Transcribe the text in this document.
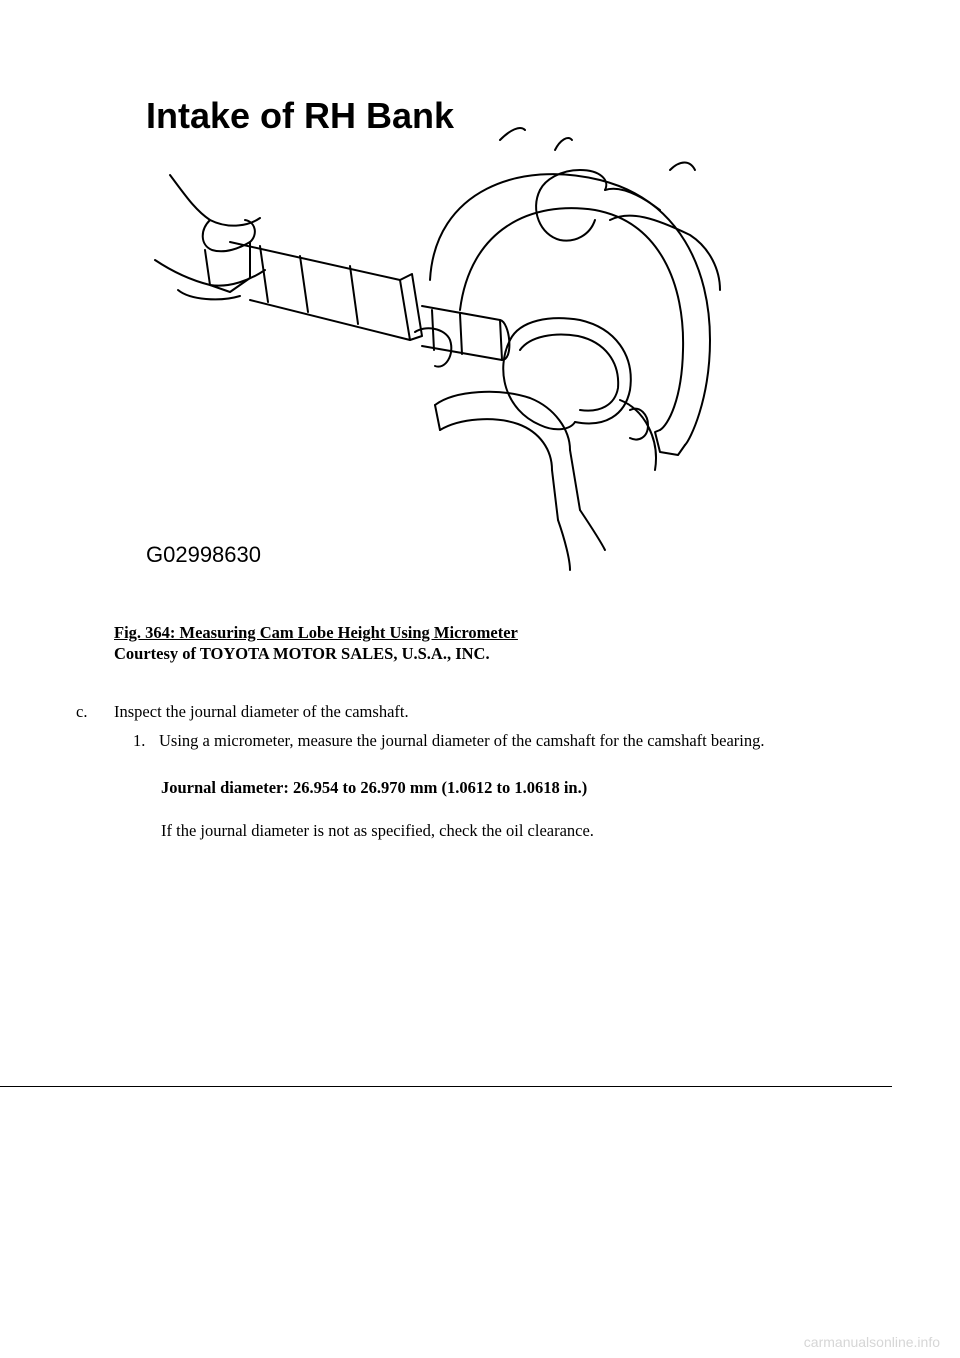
Intake of RH Bank
G02998630
Fig. 364: Measuring Cam Lobe Height Using Micrometer
Courtesy of TOYOTA MOTOR SALES, U.S.A., INC.
c. Inspect the journal diameter of the camshaft.
1. Using a micrometer, measure the journal diameter of the camshaft for the camshaft bearing.
Journal diameter: 26.954 to 26.970 mm (1.0612 to 1.0618 in.)
If the journal diameter is not as specified, check the oil clearance.
carmanualsonline.info
